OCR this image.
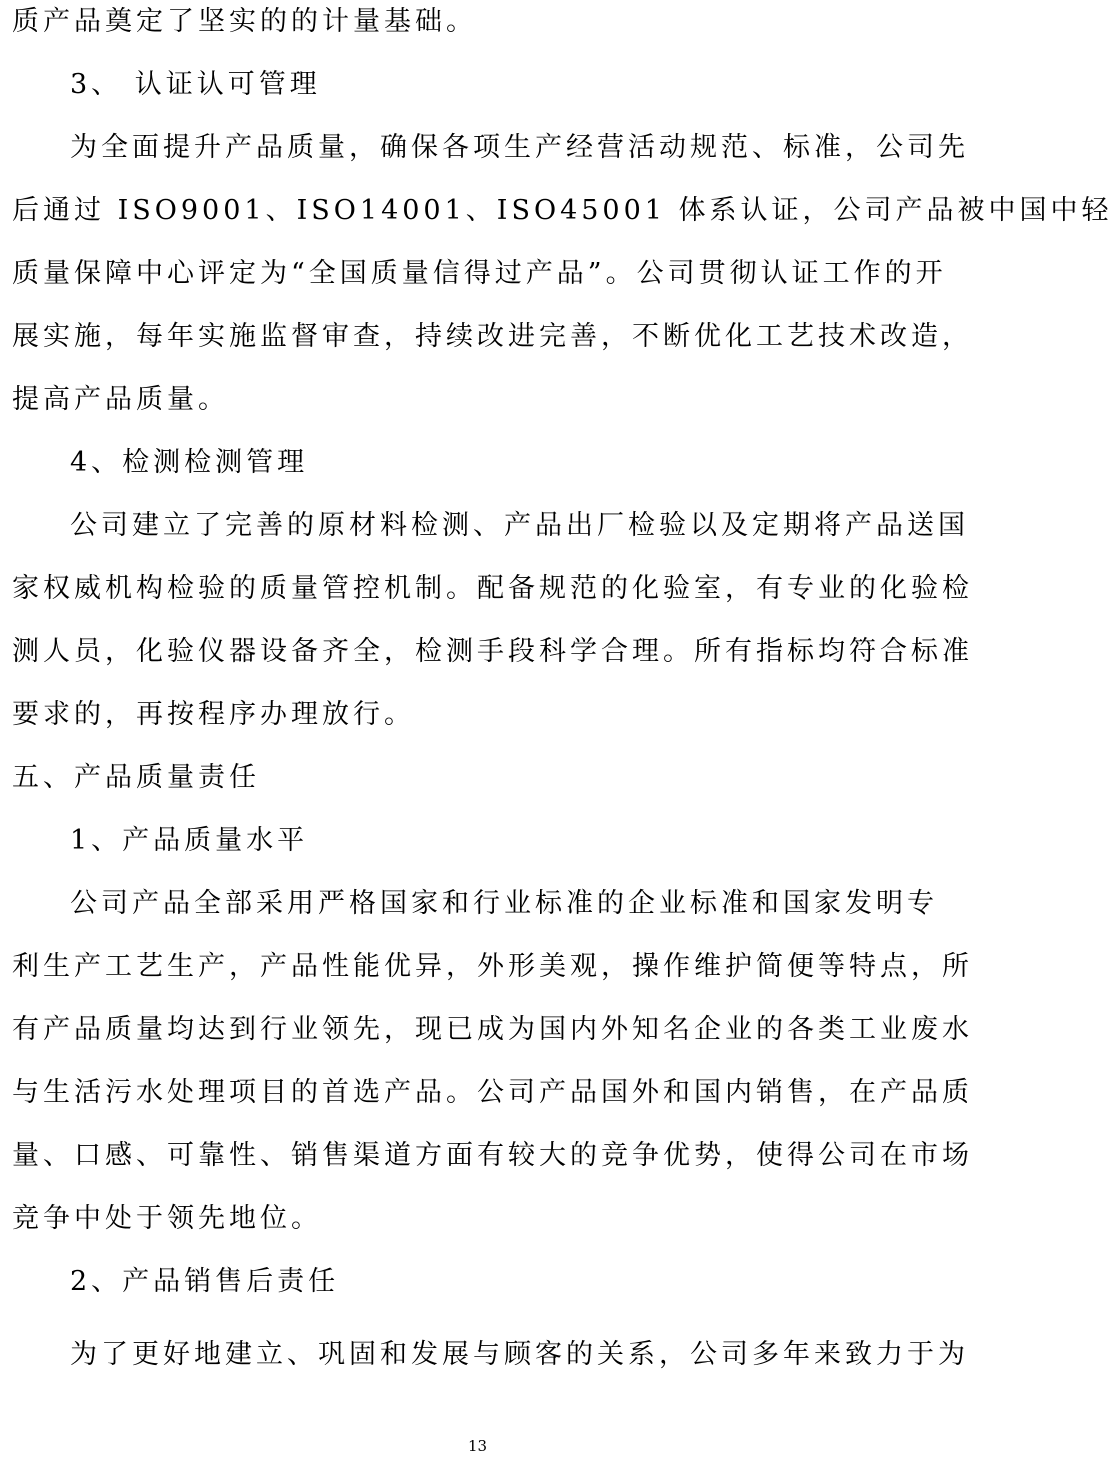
质产品奠定了坚实的的计量基础。

3、 认证认可管理

为全面提升产品质量，确保各项生产经营活动规范、标准，公司先

后通过 ISO9001、ISO14001、ISO45001 体系认证，公司产品被中国中轻

质量保障中心评定为“全国质量信得过产品”。公司贯彻认证工作的开

展实施，每年实施监督审查，持续改进完善，不断优化工艺技术改造，

提高产品质量。

4、检测检测管理

公司建立了完善的原材料检测、产品出厂检验以及定期将产品送国

家权威机构检验的质量管控机制。配备规范的化验室，有专业的化验检

测人员，化验仪器设备齐全，检测手段科学合理。所有指标均符合标准

要求的，再按程序办理放行。

五、产品质量责任

1、产品质量水平

公司产品全部采用严格国家和行业标准的企业标准和国家发明专

利生产工艺生产，产品性能优异，外形美观，操作维护简便等特点，所

有产品质量均达到行业领先，现已成为国内外知名企业的各类工业废水

与生活污水处理项目的首选产品。公司产品国外和国内销售，在产品质

量、口感、可靠性、销售渠道方面有较大的竞争优势，使得公司在市场

竞争中处于领先地位。

2、产品销售后责任

为了更好地建立、巩固和发展与顾客的关系，公司多年来致力于为

13
